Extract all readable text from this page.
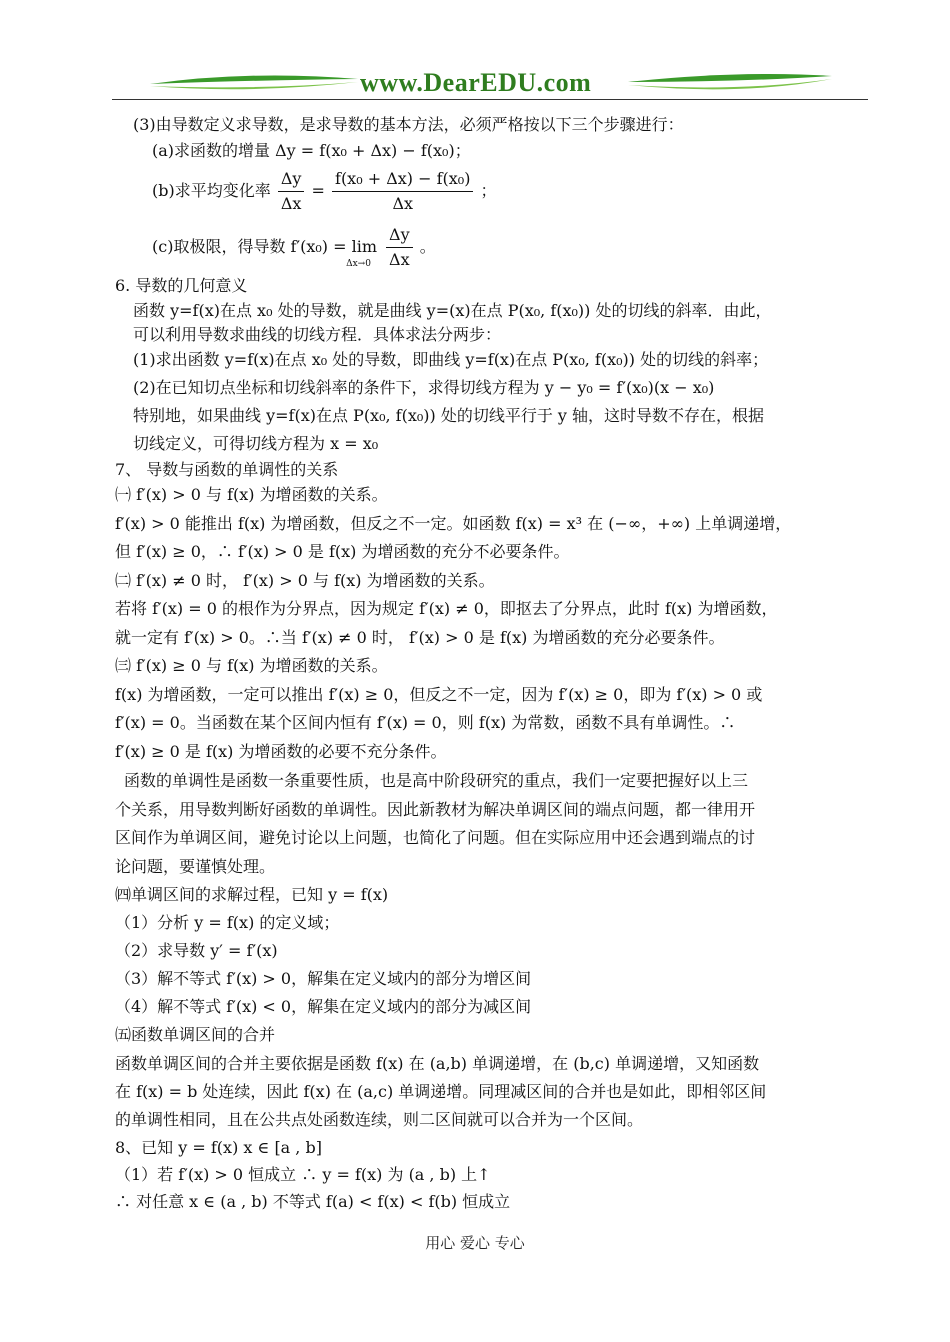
www.DearEDU.com
(3)由导数定义求导数，是求导数的基本方法，必须严格按以下三个步骤进行：
(a)求函数的增量 Δy = f(x₀ + Δx) − f(x₀)；
(b)求平均变化率 $\frac{\Delta y}{\Delta x} = \frac{\text{f(x₀ + Δx) − f(x₀)}}{\Delta x}$ ；
(c)取极限，得导数 $f'(x_0) = \lim _{\Delta x\to 0} \frac{\Delta y}{\Delta x}$ 。
6. 导数的几何意义
函数 y=f(x)在点 x₀ 处的导数，就是曲线 y=(x)在点 P(x₀, f(x₀)) 处的切线的斜率．由此，
可以利用导数求曲线的切线方程．具体求法分两步：
(1)求出函数 y=f(x)在点 x₀ 处的导数，即曲线 y=f(x)在点 P(x₀, f(x₀)) 处的切线的斜率；
(2)在已知切点坐标和切线斜率的条件下，求得切线方程为 y − y₀ = f′(x₀)(x − x₀)
特别地，如果曲线 y=f(x)在点 P(x₀, f(x₀)) 处的切线平行于 y 轴，这时导数不存在，根据
切线定义，可得切线方程为 x = x₀
7、 导数与函数的单调性的关系
㈠ f′(x) > 0 与 f(x) 为增函数的关系。
f′(x) > 0 能推出 f(x) 为增函数，但反之不一定。如函数 f(x) = x³ 在 (−∞，+∞) 上单调递增，
但 f′(x) ≥ 0，∴ f′(x) > 0 是 f(x) 为增函数的充分不必要条件。
㈡ f′(x) ≠ 0 时， f′(x) > 0 与 f(x) 为增函数的关系。
若将 f′(x) = 0 的根作为分界点，因为规定 f′(x) ≠ 0，即抠去了分界点，此时 f(x) 为增函数，
就一定有 f′(x) > 0。∴当 f′(x) ≠ 0 时， f′(x) > 0 是 f(x) 为增函数的充分必要条件。
㈢ f′(x) ≥ 0 与 f(x) 为增函数的关系。
f(x) 为增函数，一定可以推出 f′(x) ≥ 0，但反之不一定，因为 f′(x) ≥ 0，即为 f′(x) > 0 或
f′(x) = 0。当函数在某个区间内恒有 f′(x) = 0，则 f(x) 为常数，函数不具有单调性。∴
f′(x) ≥ 0 是 f(x) 为增函数的必要不充分条件。
函数的单调性是函数一条重要性质，也是高中阶段研究的重点，我们一定要把握好以上三
个关系，用导数判断好函数的单调性。因此新教材为解决单调区间的端点问题，都一律用开
区间作为单调区间，避免讨论以上问题，也简化了问题。但在实际应用中还会遇到端点的讨
论问题，要谨慎处理。
㈣单调区间的求解过程，已知 y = f(x)
（1）分析 y = f(x) 的定义域；
（2）求导数 y′ = f′(x)
（3）解不等式 f′(x) > 0，解集在定义域内的部分为增区间
（4）解不等式 f′(x) < 0，解集在定义域内的部分为减区间
㈤函数单调区间的合并
函数单调区间的合并主要依据是函数 f(x) 在 (a,b) 单调递增，在 (b,c) 单调递增，又知函数
在 f(x) = b 处连续，因此 f(x) 在 (a,c) 单调递增。同理减区间的合并也是如此，即相邻区间
的单调性相同，且在公共点处函数连续，则二区间就可以合并为一个区间。
8、已知 y = f(x) x ∈ [a , b]
（1）若 f′(x) > 0 恒成立 ∴ y = f(x) 为 (a , b) 上↑
∴ 对任意 x ∈ (a , b) 不等式 f(a) < f(x) < f(b) 恒成立
用心 爱心 专心
